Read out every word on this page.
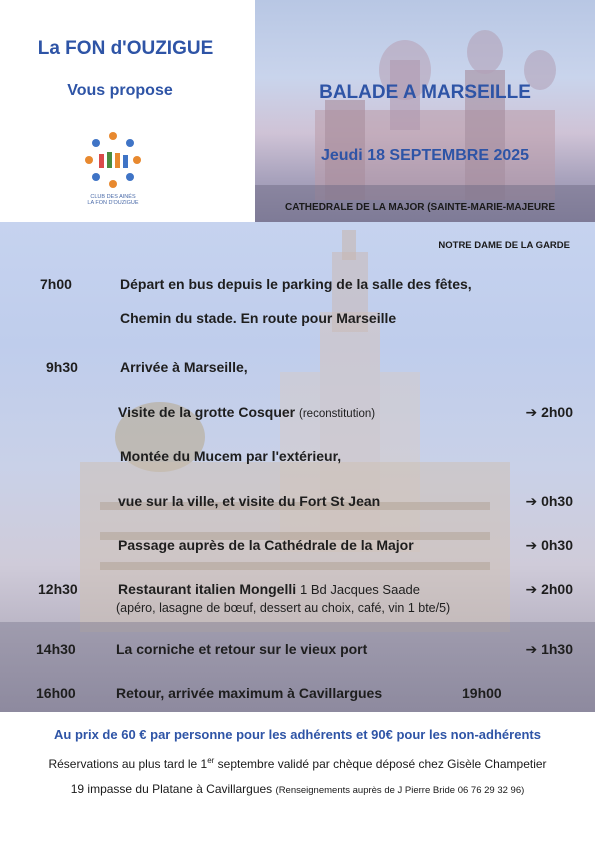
La FON d'OUZIGUE
Vous propose
CLUB DES AINÉS
LA FON D'OUZIGUE
BALADE A MARSEILLE
Jeudi 18 SEPTEMBRE 2025
CATHEDRALE DE LA MAJOR (SAINTE-MARIE-MAJEURE
NOTRE DAME DE LA GARDE
7h00	Départ en bus depuis le parking de la salle des fêtes,
Chemin du stade. En route pour Marseille
9h30	Arrivée à Marseille,
Visite de la grotte Cosquer (reconstitution)	➔ 2h00
Montée du Mucem par l'extérieur,
vue sur la ville, et visite du Fort St Jean	➔ 0h30
Passage auprès de la Cathédrale de la Major	➔ 0h30
12h30	Restaurant italien Mongelli 1 Bd Jacques Saade	➔ 2h00
(apéro, lasagne de bœuf, dessert au choix, café, vin 1 bte/5)
14h30	La corniche et retour sur le vieux port	➔ 1h30
16h00	Retour, arrivée maximum à Cavillargues	19h00
Au prix de 60 € par personne pour les adhérents et 90€ pour les non-adhérents
Réservations au plus tard le 1er septembre validé par chèque déposé chez Gisèle Champetier
19 impasse du Platane à Cavillargues (Renseignements auprès de J Pierre Bride 06 76 29 32 96)
